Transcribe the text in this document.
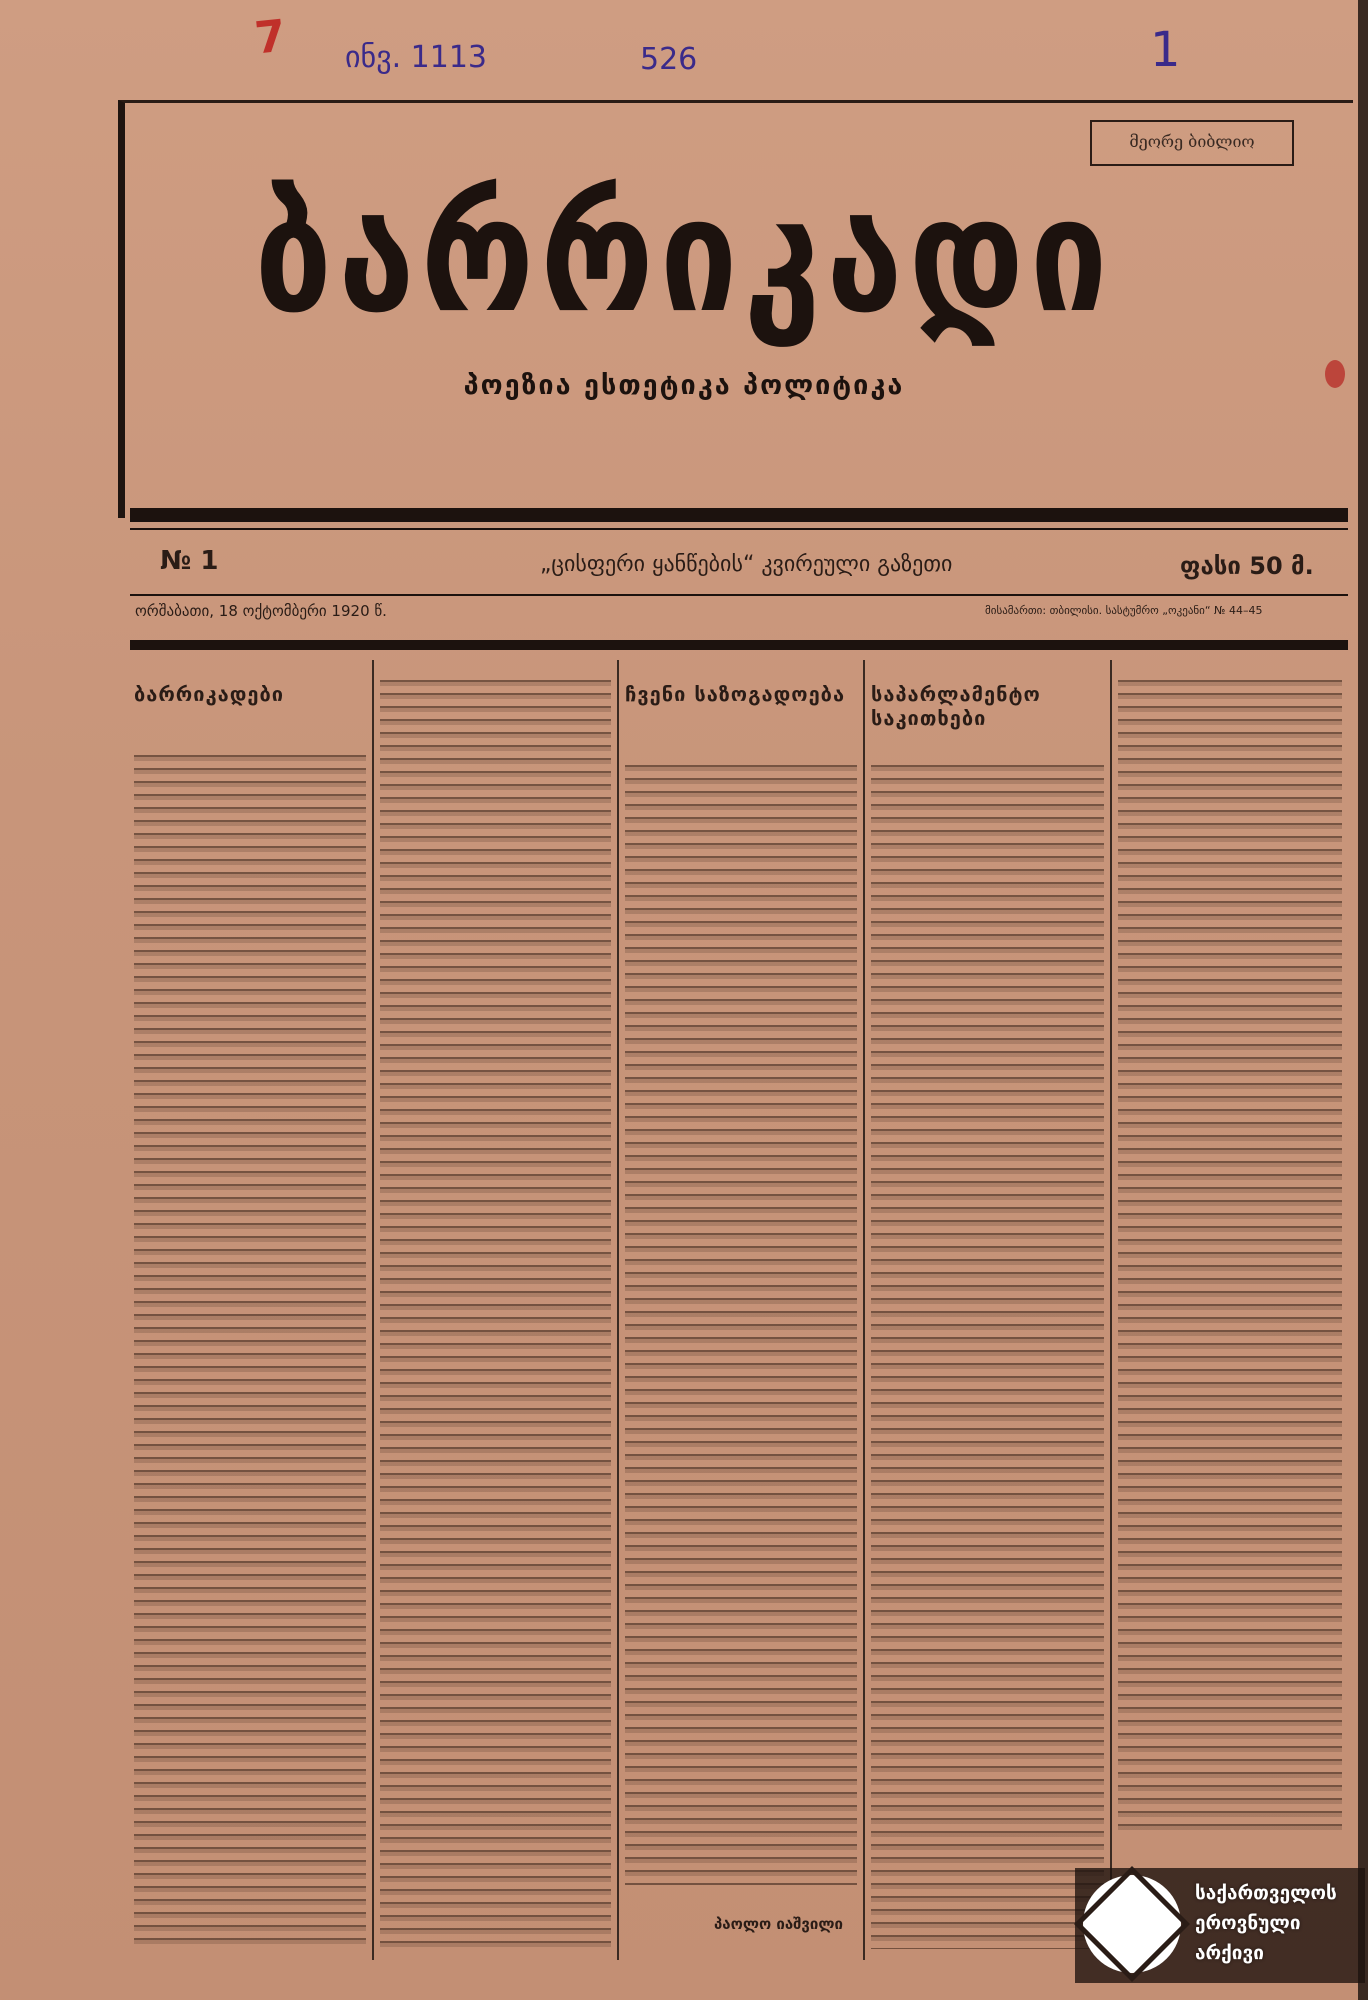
7 ინვ. 1113	526	1
მეორე ბიბლიო
ბარრიკადი
პოეზია ესთეტიკა პოლიტიკა
№ 1	„ცისფერი ყანწების“ კვირეული გაზეთი	ფასი 50 მ.
ორშაბათი, 18 ოქტომბერი 1920 წ.	მისამართი: თბილისი. სასტუმრო „ოკეანი“ № 44–45
ბარრიკადები	ჩვენი საზოგადოება
პაოლო იაშვილი
საპარლამენტო საკითხები
საქართველოს
ეროვნული
არქივი
